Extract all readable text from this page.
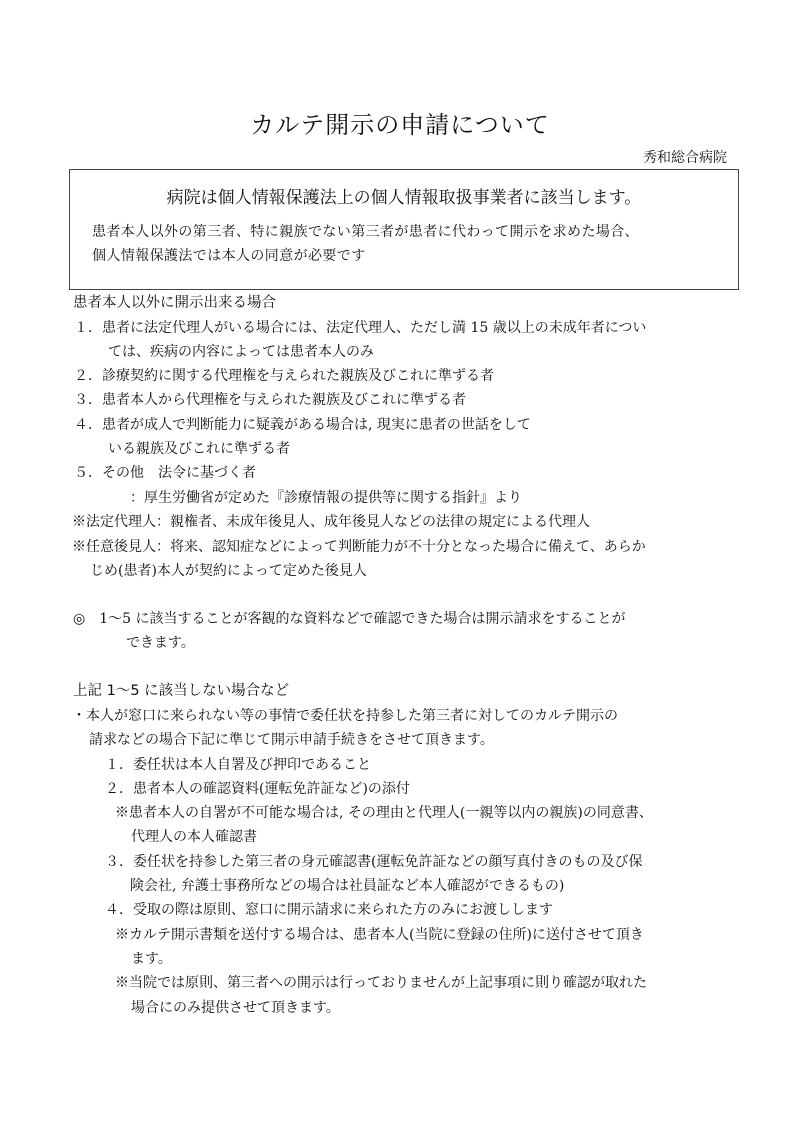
カルテ開示の申請について
秀和総合病院
病院は個人情報保護法上の個人情報取扱事業者に該当します。
患者本人以外の第三者、特に親族でない第三者が患者に代わって開示を求めた場合、
個人情報保護法では本人の同意が必要です
患者本人以外に開示出来る場合
１．患者に法定代理人がいる場合には、法定代理人、ただし満 15 歳以上の未成年者につい
ては、疾病の内容によっては患者本人のみ
２．診療契約に関する代理権を与えられた親族及びこれに準ずる者
３．患者本人から代理権を与えられた親族及びこれに準ずる者
４．患者が成人で判断能力に疑義がある場合は, 現実に患者の世話をして
いる親族及びこれに準ずる者
５．その他　法令に基づく者
：厚生労働省が定めた『診療情報の提供等に関する指針』より
※法定代理人：親権者、未成年後見人、成年後見人などの法律の規定による代理人
※任意後見人：将来、認知症などによって判断能力が不十分となった場合に備えて、あらか
じめ(患者)本人が契約によって定めた後見人
◎　1～5 に該当することが客観的な資料などで確認できた場合は開示請求をすることが
できます。
上記 1～5 に該当しない場合など
・本人が窓口に来られない等の事情で委任状を持参した第三者に対してのカルテ開示の
請求などの場合下記に準じて開示申請手続きをさせて頂きます。
１．委任状は本人自署及び押印であること
２．患者本人の確認資料(運転免許証など)の添付
※患者本人の自署が不可能な場合は, その理由と代理人(一親等以内の親族)の同意書、
代理人の本人確認書
３．委任状を持参した第三者の身元確認書(運転免許証などの顔写真付きのもの及び保
険会社, 弁護士事務所などの場合は社員証など本人確認ができるもの)
４．受取の際は原則、窓口に開示請求に来られた方のみにお渡しします
※カルテ開示書類を送付する場合は、患者本人(当院に登録の住所)に送付させて頂き
ます。
※当院では原則、第三者への開示は行っておりませんが上記事項に則り確認が取れた
場合にのみ提供させて頂きます。
